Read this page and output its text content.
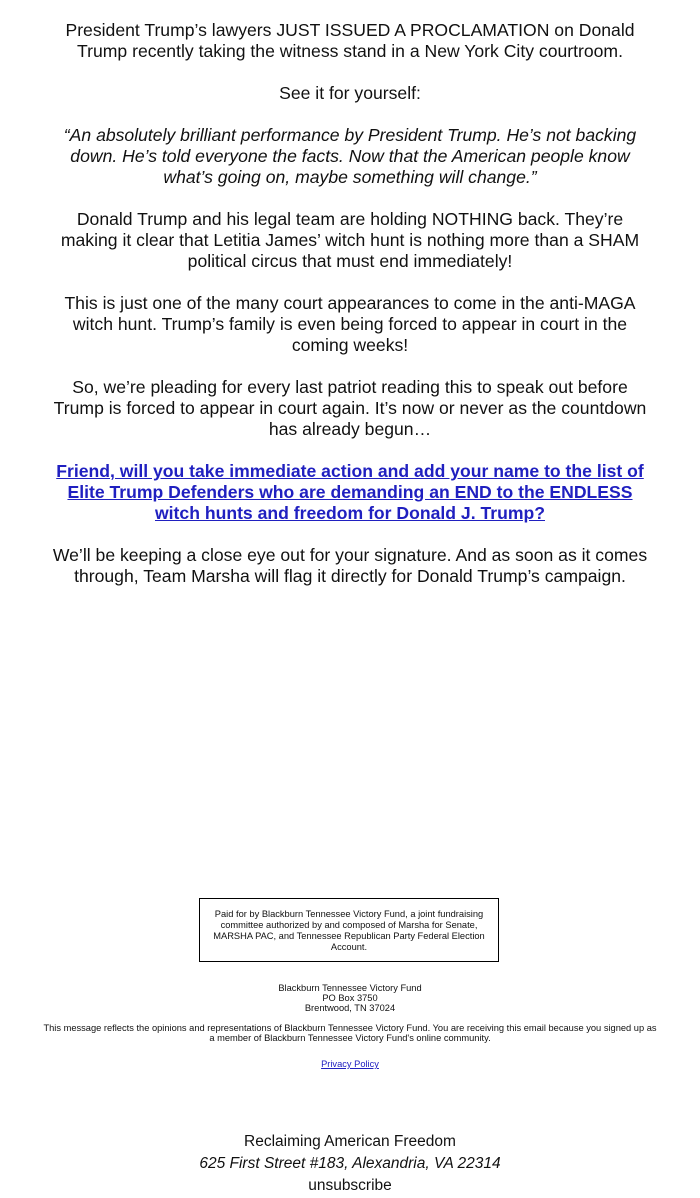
President Trump’s lawyers JUST ISSUED A PROCLAMATION on Donald Trump recently taking the witness stand in a New York City courtroom.

See it for yourself:

“An absolutely brilliant performance by President Trump. He’s not backing down. He’s told everyone the facts. Now that the American people know what’s going on, maybe something will change.”

Donald Trump and his legal team are holding NOTHING back. They’re making it clear that Letitia James’ witch hunt is nothing more than a SHAM political circus that must end immediately!

This is just one of the many court appearances to come in the anti-MAGA witch hunt. Trump’s family is even being forced to appear in court in the coming weeks!

So, we’re pleading for every last patriot reading this to speak out before Trump is forced to appear in court again. It’s now or never as the countdown has already begun…

Friend, will you take immediate action and add your name to the list of Elite Trump Defenders who are demanding an END to the ENDLESS witch hunts and freedom for Donald J. Trump?

We’ll be keeping a close eye out for your signature. And as soon as it comes through, Team Marsha will flag it directly for Donald Trump’s campaign.

Paid for by Blackburn Tennessee Victory Fund, a joint fundraising committee authorized by and composed of Marsha for Senate, MARSHA PAC, and Tennessee Republican Party Federal Election Account.
Blackburn Tennessee Victory Fund
PO Box 3750
Brentwood, TN 37024
This message reflects the opinions and representations of Blackburn Tennessee Victory Fund. You are receiving this email because you signed up as a member of Blackburn Tennessee Victory Fund's online community.
Privacy Policy
Reclaiming American Freedom
625 First Street #183, Alexandria, VA 22314
unsubscribe
